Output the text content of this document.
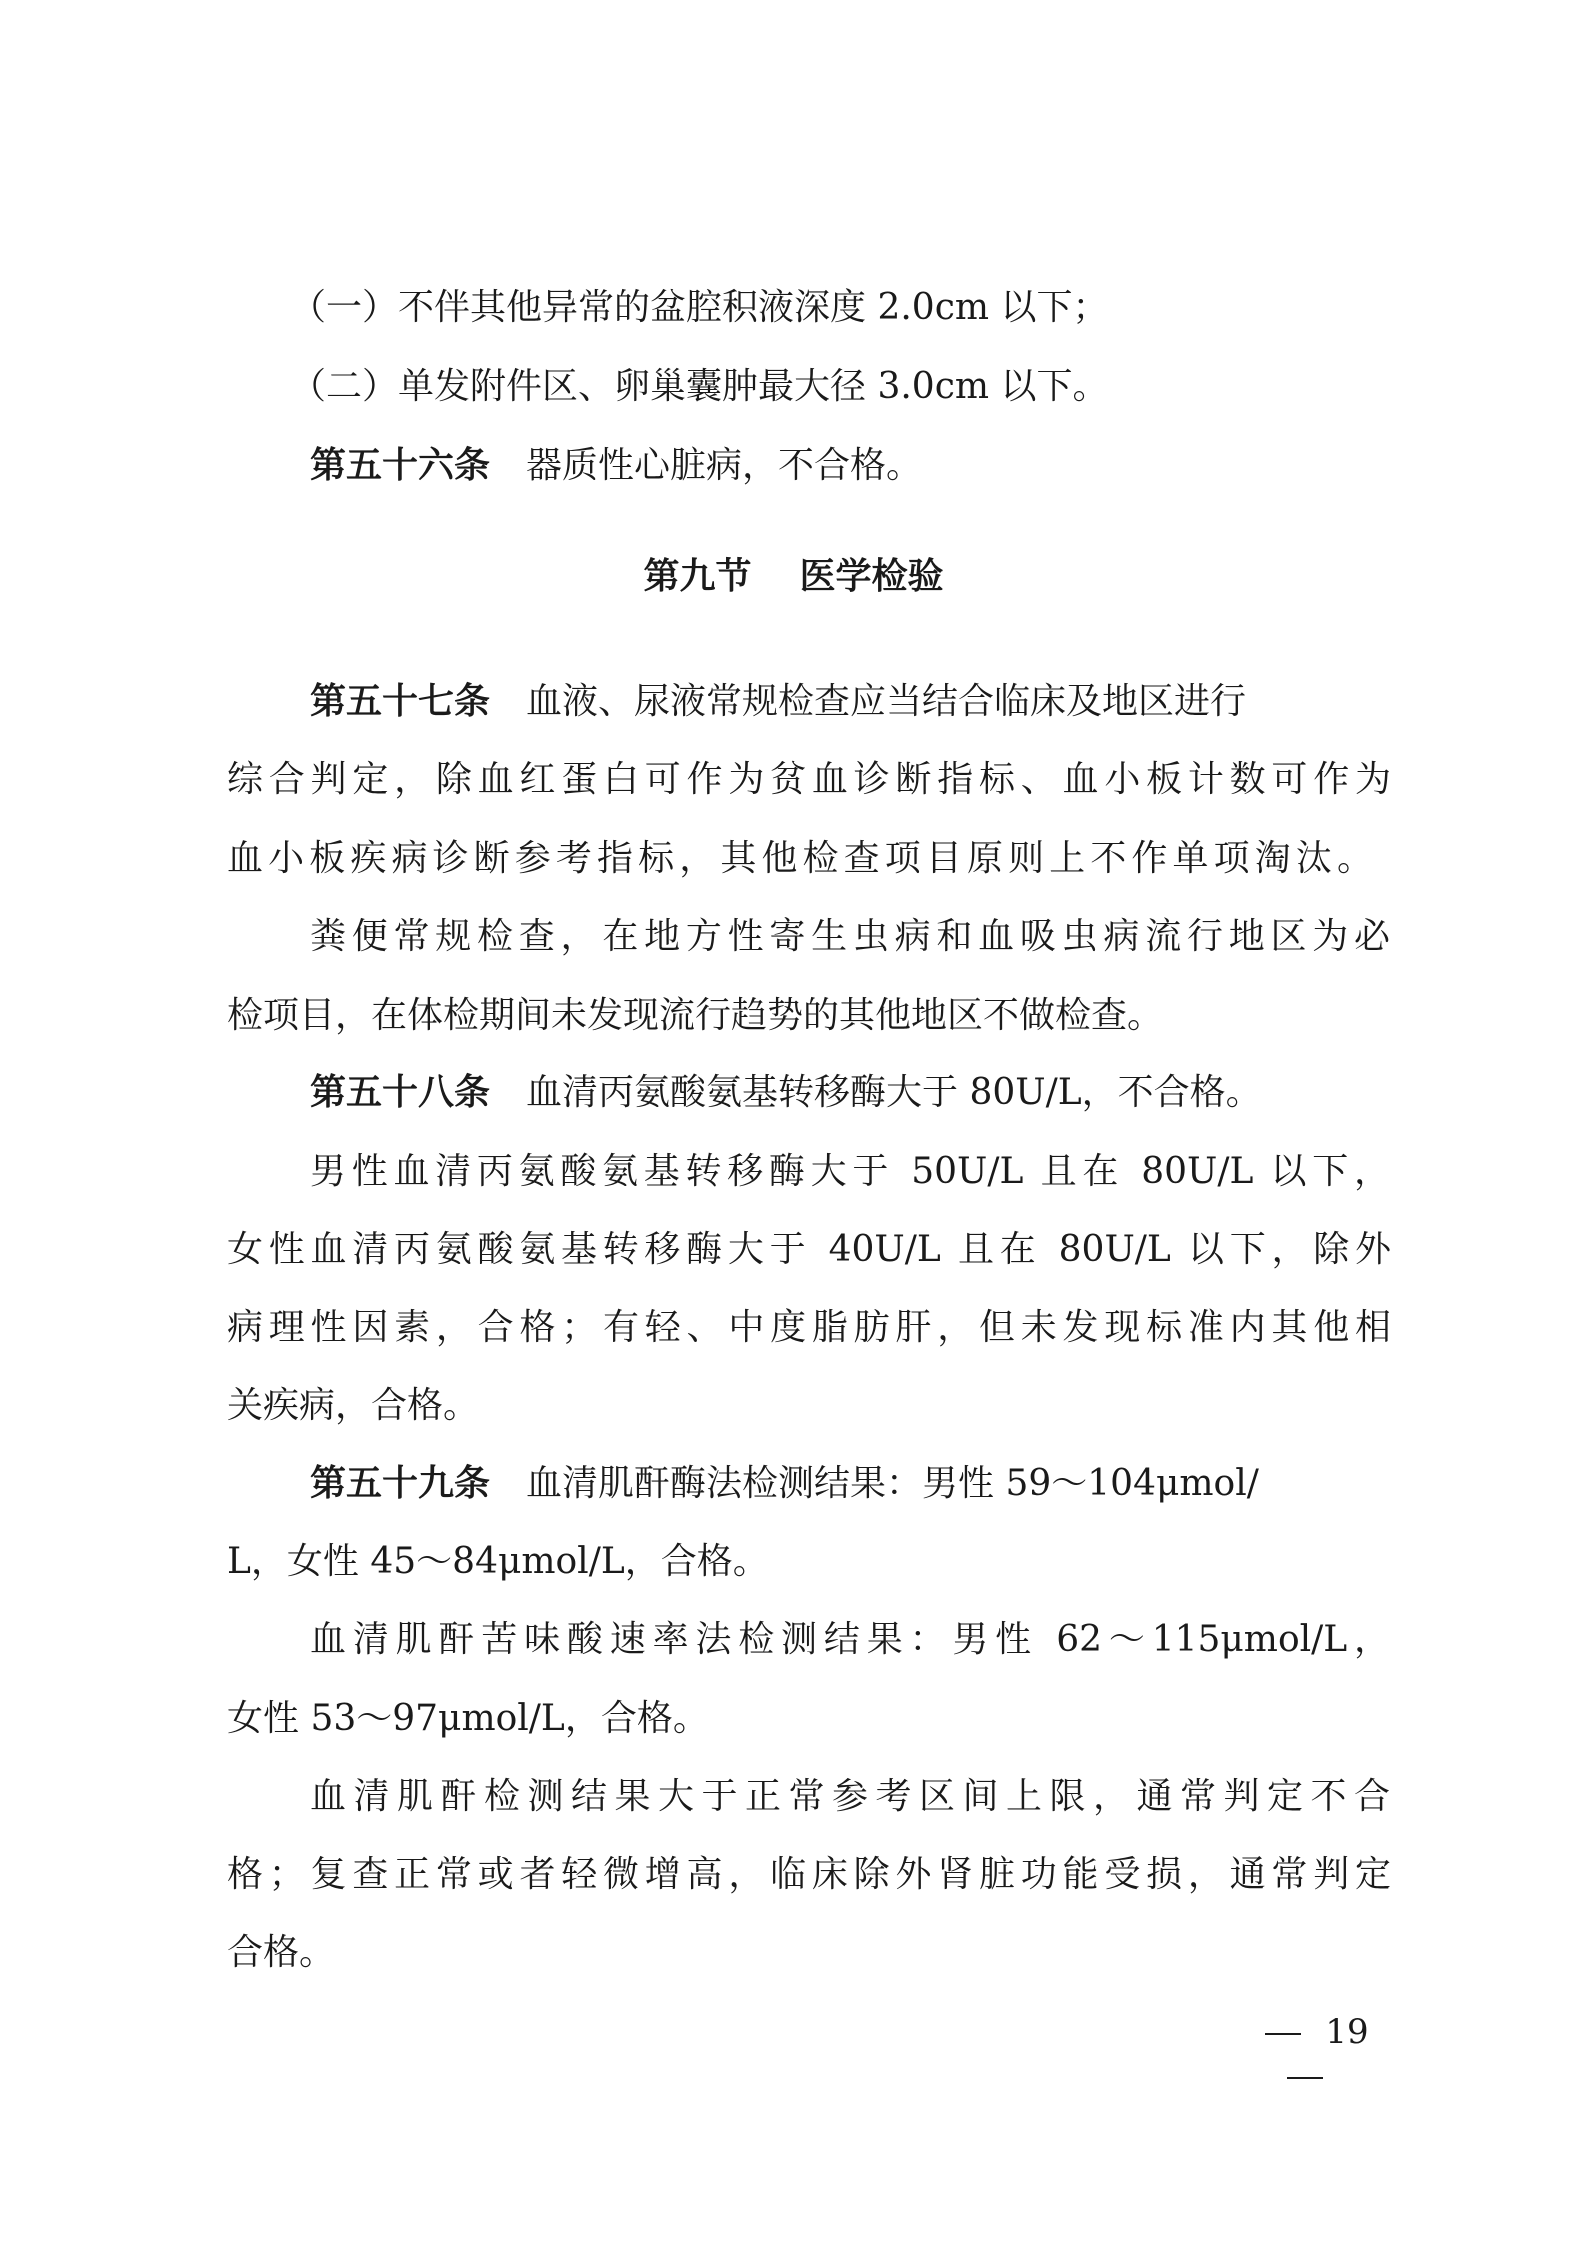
（一）不伴其他异常的盆腔积液深度 2.0cm 以下；
（二）单发附件区、卵巢囊肿最大径 3.0cm 以下。
第五十六条 器质性心脏病，不合格。
第九节 医学检验
第五十七条 血液、尿液常规检查应当结合临床及地区进行
综合判定，除血红蛋白可作为贫血诊断指标、血小板计数可作为
血小板疾病诊断参考指标，其他检查项目原则上不作单项淘汰。
粪便常规检查，在地方性寄生虫病和血吸虫病流行地区为必
检项目，在体检期间未发现流行趋势的其他地区不做检查。
第五十八条 血清丙氨酸氨基转移酶大于 80U/L，不合格。
男性血清丙氨酸氨基转移酶大于 50U/L 且在 80U/L 以下，
女性血清丙氨酸氨基转移酶大于 40U/L 且在 80U/L 以下，除外
病理性因素，合格；有轻、中度脂肪肝，但未发现标准内其他相
关疾病，合格。
第五十九条 血清肌酐酶法检测结果：男性 59～104μmol/
L，女性 45～84μmol/L，合格。
血清肌酐苦味酸速率法检测结果：男性 62～115μmol/L，
女性 53～97μmol/L，合格。
血清肌酐检测结果大于正常参考区间上限，通常判定不合
格；复查正常或者轻微增高，临床除外肾脏功能受损，通常判定
合格。
19
